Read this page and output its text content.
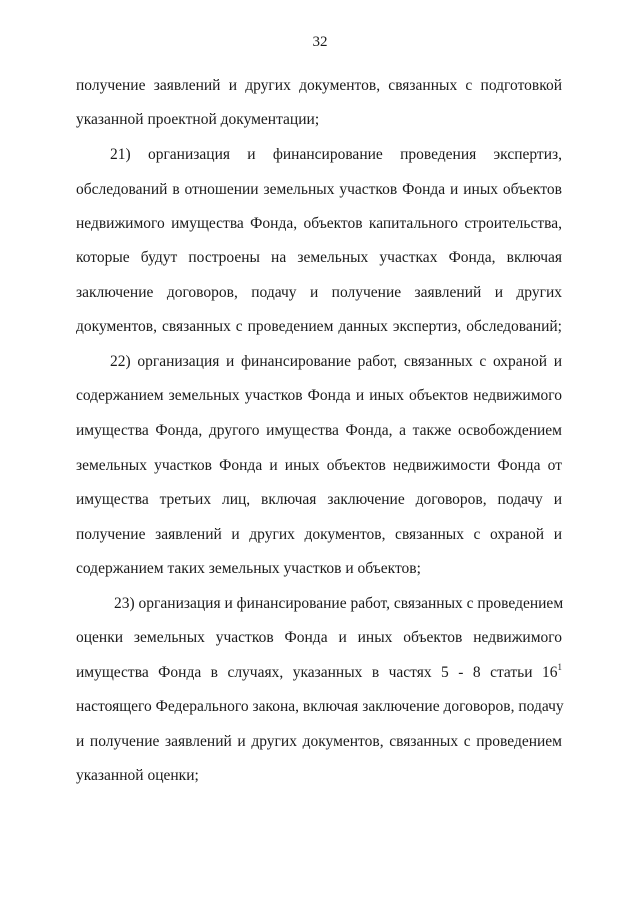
32
получение заявлений и других документов, связанных с подготовкой
указанной проектной документации;
21) организация и финансирование проведения экспертиз,
обследований в отношении земельных участков Фонда и иных объектов
недвижимого имущества Фонда, объектов капитального строительства,
которые будут построены на земельных участках Фонда, включая
заключение договоров, подачу и получение заявлений и других
документов, связанных с проведением данных экспертиз, обследований;
22) организация и финансирование работ, связанных с охраной и
содержанием земельных участков Фонда и иных объектов недвижимого
имущества Фонда, другого имущества Фонда, а также освобождением
земельных участков Фонда и иных объектов недвижимости Фонда от
имущества третьих лиц, включая заключение договоров, подачу и
получение заявлений и других документов, связанных с охраной и
содержанием таких земельных участков и объектов;
23) организация и финансирование работ, связанных с проведением
оценки земельных участков Фонда и иных объектов недвижимого
имущества Фонда в случаях, указанных в частях 5 - 8 статьи $16^1$
настоящего Федерального закона, включая заключение договоров, подачу
и получение заявлений и других документов, связанных с проведением
указанной оценки;
